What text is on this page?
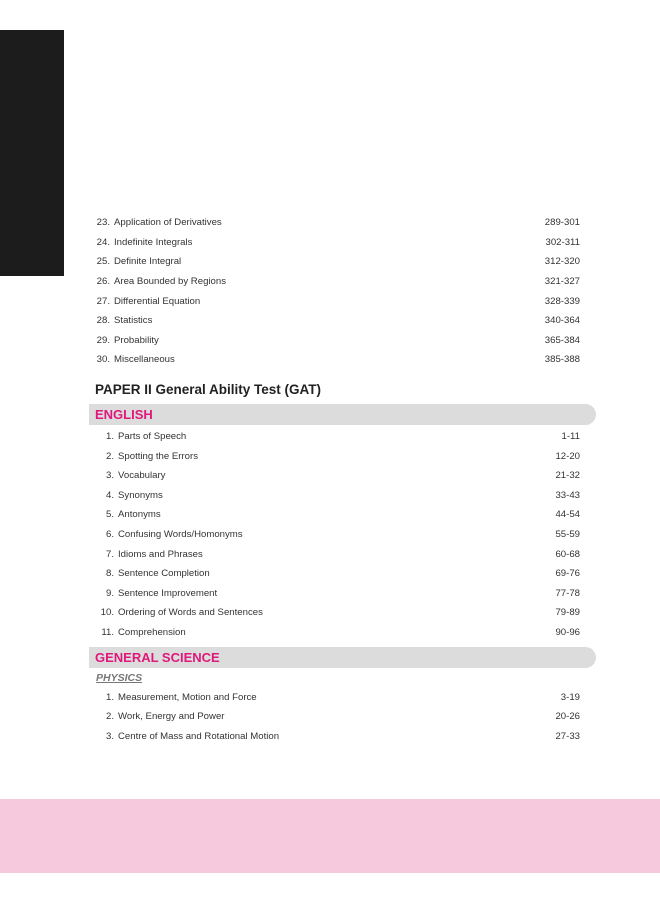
23. Application of Derivatives	289-301
24. Indefinite Integrals	302-311
25. Definite Integral	312-320
26. Area Bounded by Regions	321-327
27. Differential Equation	328-339
28. Statistics	340-364
29. Probability	365-384
30. Miscellaneous	385-388
PAPER II General Ability Test (GAT)
ENGLISH
1. Parts of Speech	1-11
2. Spotting the Errors	12-20
3. Vocabulary	21-32
4. Synonyms	33-43
5. Antonyms	44-54
6. Confusing Words/Homonyms	55-59
7. Idioms and Phrases	60-68
8. Sentence Completion	69-76
9. Sentence Improvement	77-78
10. Ordering of Words and Sentences	79-89
11. Comprehension	90-96
GENERAL SCIENCE
PHYSICS
1. Measurement, Motion and Force	3-19
2. Work, Energy and Power	20-26
3. Centre of Mass and Rotational Motion	27-33
